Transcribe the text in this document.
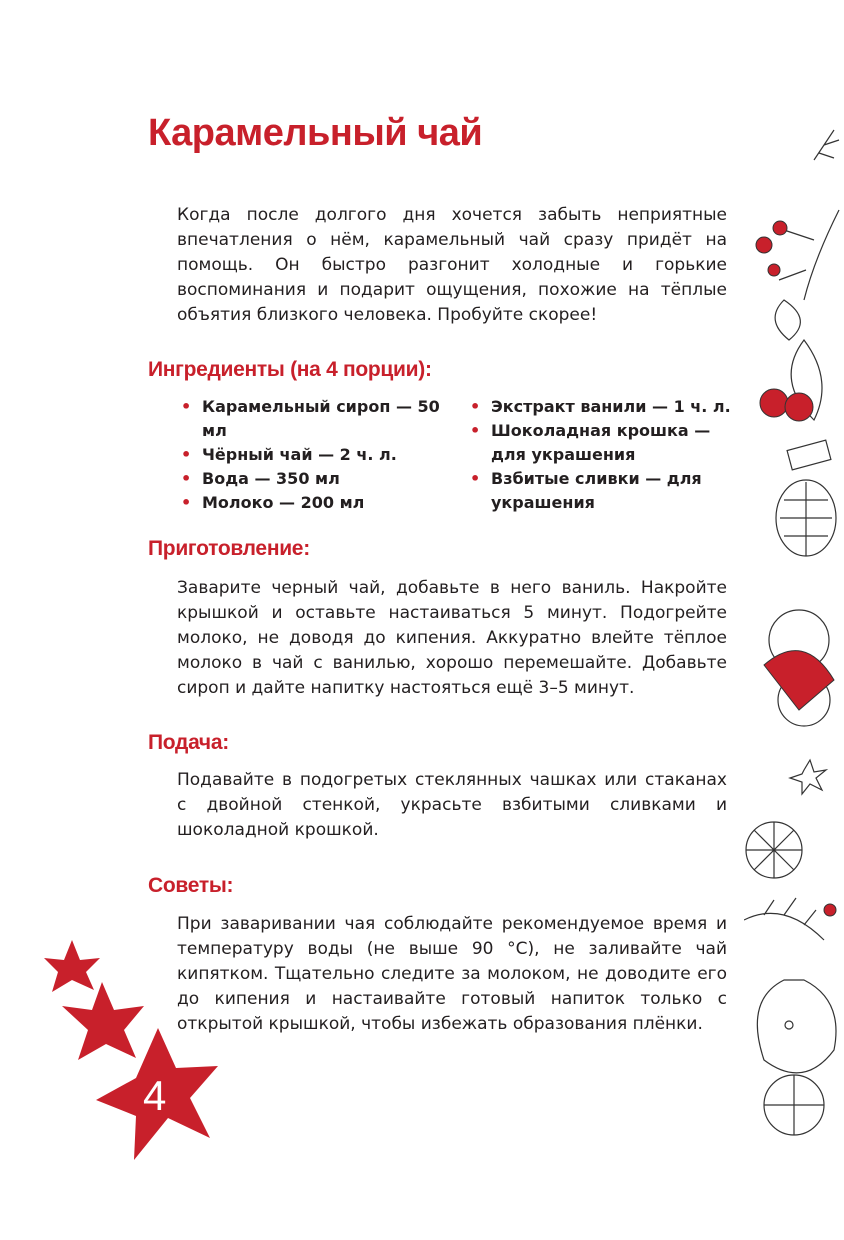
Карамельный чай

Когда после долгого дня хочется забыть неприятные впечатления о нём, карамельный чай сразу придёт на помощь. Он быстро разгонит холодные и горькие воспоминания и подарит ощущения, похожие на тёплые объятия близкого человека. Пробуйте скорее!

Ингредиенты (на 4 порции):
• Карамельный сироп — 50 мл
• Чёрный чай — 2 ч. л.
• Вода — 350 мл
• Молоко — 200 мл
• Экстракт ванили — 1 ч. л.
• Шоколадная крошка — для украшения
• Взбитые сливки — для украшения
Приготовление:

Заварите черный чай, добавьте в него ваниль. Накройте крышкой и оставьте настаиваться 5 минут. Подогрейте молоко, не доводя до кипения. Аккуратно влейте тёплое молоко в чай с ванилью, хорошо перемешайте. Добавьте сироп и дайте напитку настояться ещё 3–5 минут.

Подача:

Подавайте в подогретых стеклянных чашках или стаканах с двойной стенкой, украсьте взбитыми сливками и шоколадной крошкой.

Советы:

При заваривании чая соблюдайте рекомендуемое время и температуру воды (не выше 90 °С), не заливайте чай кипятком. Тщательно следите за молоком, не доводите его до кипения и настаивайте готовый напиток только с открытой крышкой, чтобы избежать образования плёнки.

4
